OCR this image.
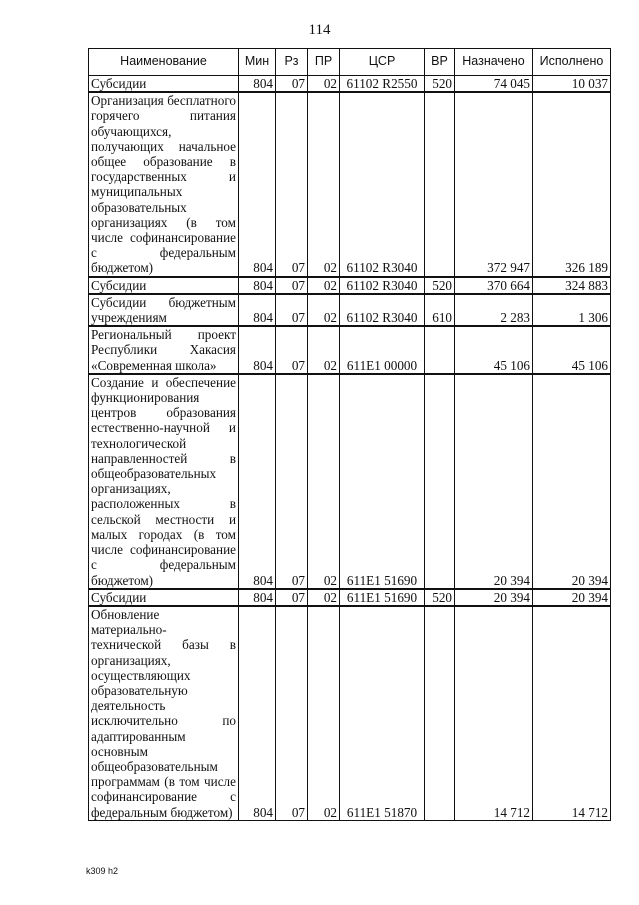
114
Наименование	Мин	Рз	ПР	ЦСР	ВР	Назначено	Исполнено
Субсидии	804	07	02	61102 R2550	520	74 045	10 037
Организация бесплатного горячего питания обучающихся, получающих начальное общее образование в государственных и муниципальных образовательных организациях (в том числе софинансирование с федеральным бюджетом)	804	07	02	61102 R3040		372 947	326 189
Субсидии	804	07	02	61102 R3040	520	370 664	324 883
Субсидии бюджетным учреждениям	804	07	02	61102 R3040	610	2 283	1 306
Региональный проект Республики Хакасия «Современная школа»	804	07	02	611E1 00000		45 106	45 106
Создание и обеспечение функционирования центров образования естественно-научной и технологической направленностей в общеобразовательных организациях, расположенных в сельской местности и малых городах (в том числе софинансирование с федеральным бюджетом)	804	07	02	611E1 51690		20 394	20 394
Субсидии	804	07	02	611E1 51690	520	20 394	20 394
Обновление материально-технической базы в организациях, осуществляющих образовательную деятельность исключительно по адаптированным основным общеобразовательным программам (в том числе софинансирование с федеральным бюджетом)	804	07	02	611E1 51870		14 712	14 712
k309 h2
